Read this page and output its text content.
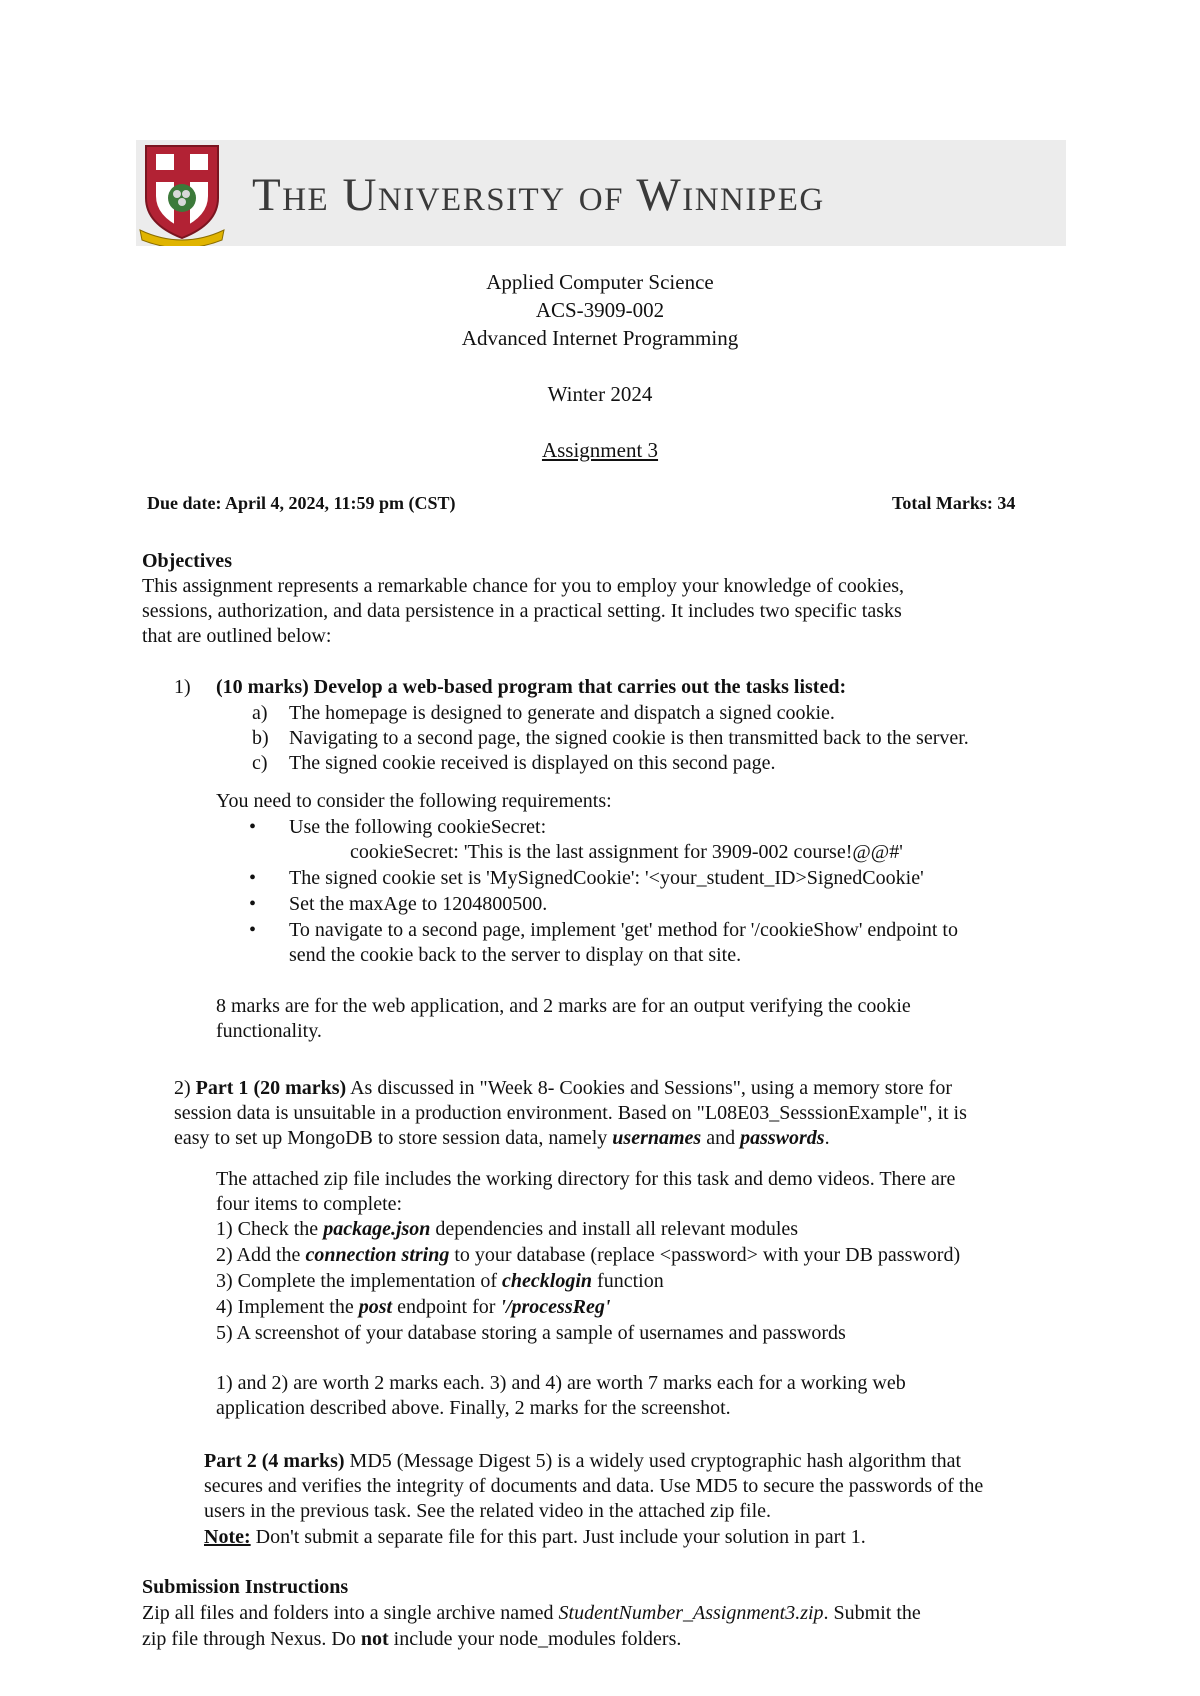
The University of Winnipeg
Applied Computer Science
ACS-3909-002
Advanced Internet Programming
Winter 2024
Assignment 3
Due date: April 4, 2024, 11:59 pm (CST)	Total Marks: 34
Objectives
This assignment represents a remarkable chance for you to employ your knowledge of cookies,
sessions, authorization, and data persistence in a practical setting. It includes two specific tasks
that are outlined below:
1) (10 marks) Develop a web-based program that carries out the tasks listed:
a) The homepage is designed to generate and dispatch a signed cookie.
b) Navigating to a second page, the signed cookie is then transmitted back to the server.
c) The signed cookie received is displayed on this second page.
You need to consider the following requirements:
• Use the following cookieSecret:
cookieSecret: 'This is the last assignment for 3909-002 course!@@#'
• The signed cookie set is 'MySignedCookie': '<your_student_ID>SignedCookie'
• Set the maxAge to 1204800500.
• To navigate to a second page, implement 'get' method for '/cookieShow' endpoint to
send the cookie back to the server to display on that site.
8 marks are for the web application, and 2 marks are for an output verifying the cookie
functionality.
2) Part 1 (20 marks) As discussed in "Week 8- Cookies and Sessions", using a memory store for
session data is unsuitable in a production environment. Based on "L08E03_SesssionExample", it is
easy to set up MongoDB to store session data, namely usernames and passwords.
The attached zip file includes the working directory for this task and demo videos. There are
four items to complete:
1) Check the package.json dependencies and install all relevant modules
2) Add the connection string to your database (replace <password> with your DB password)
3) Complete the implementation of checklogin function
4) Implement the post endpoint for '/processReg'
5) A screenshot of your database storing a sample of usernames and passwords
1) and 2) are worth 2 marks each. 3) and 4) are worth 7 marks each for a working web
application described above. Finally, 2 marks for the screenshot.
Part 2 (4 marks) MD5 (Message Digest 5) is a widely used cryptographic hash algorithm that
secures and verifies the integrity of documents and data. Use MD5 to secure the passwords of the
users in the previous task. See the related video in the attached zip file.
Note: Don't submit a separate file for this part. Just include your solution in part 1.
Submission Instructions
Zip all files and folders into a single archive named StudentNumber_Assignment3.zip. Submit the
zip file through Nexus. Do not include your node_modules folders.
